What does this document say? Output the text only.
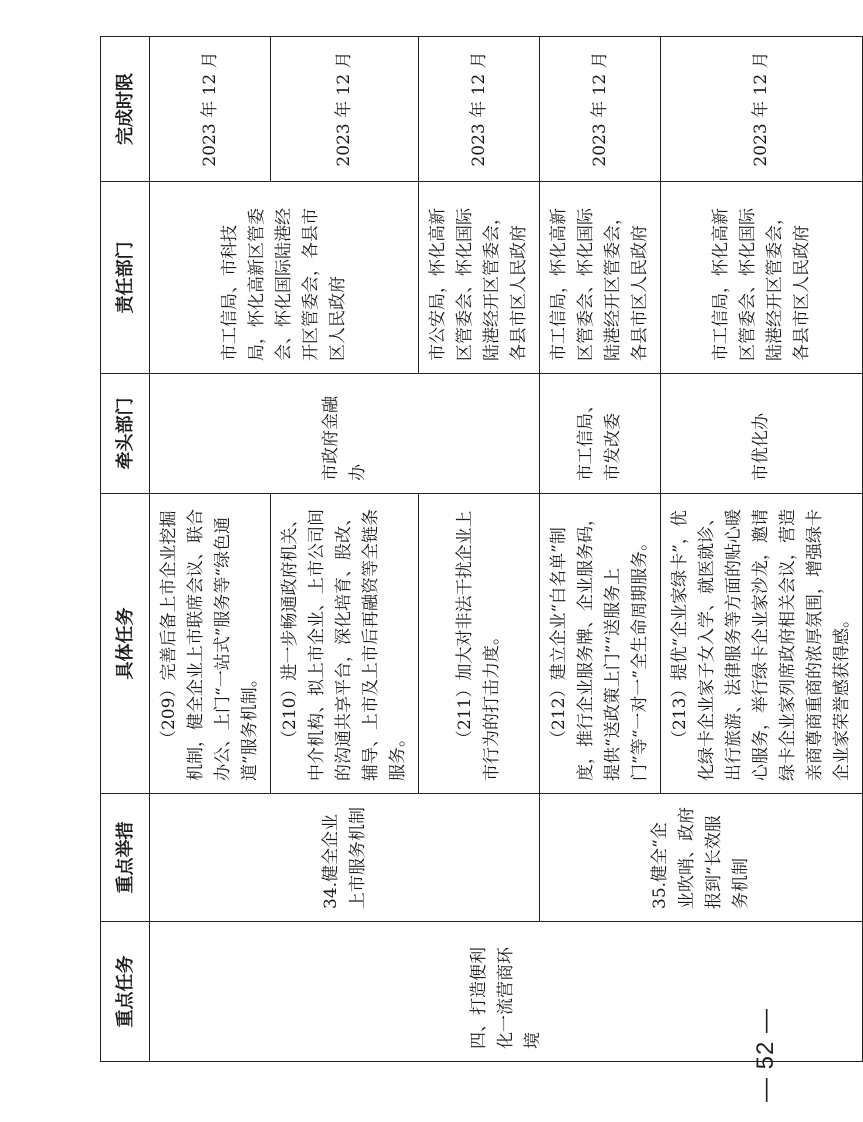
— 52 —
重点任务	重点举措	具体任务	牵头部门	责任部门	完成时限
四、打造便利化一流营商环境	34.健全企业上市服务机制	（209）完善后备上市企业挖掘机制，健全企业上市联席会议、联合办公、上门“一站式”服务等“绿色通道”服务机制。	市政府金融办	市工信局、市科技局，怀化高新区管委会、怀化国际陆港经开区管委会，各县市区人民政府	2023 年 12 月
		（210）进一步畅通政府机关、中介机构、拟上市企业、上市公司间的沟通共享平台，深化培育、股改、辅导、上市及上市后再融资等全链条服务。			2023 年 12 月
		（211）加大对非法干扰企业上市行为的打击力度。		市公安局，怀化高新区管委会、怀化国际陆港经开区管委会，各县市区人民政府	2023 年 12 月
	35.健全“企业吹哨、政府报到”长效服务机制	（212）建立企业“白名单”制度，推行企业服务牌、企业服务码，提供“送政策上门”“送服务上门”等“一对一”全生命周期服务。	市工信局、市发改委	市工信局，怀化高新区管委会、怀化国际陆港经开区管委会，各县市区人民政府	2023 年 12 月
		（213）提优“企业家绿卡”，优化绿卡企业家子女入学、就医就诊、出行旅游、法律服务等方面的贴心暖心服务，举行绿卡企业家沙龙，邀请绿卡企业家列席政府相关会议，营造亲商尊商重商的浓厚氛围，增强绿卡企业家荣誉感获得感。	市优化办	市工信局，怀化高新区管委会、怀化国际陆港经开区管委会，各县市区人民政府	2023 年 12 月
